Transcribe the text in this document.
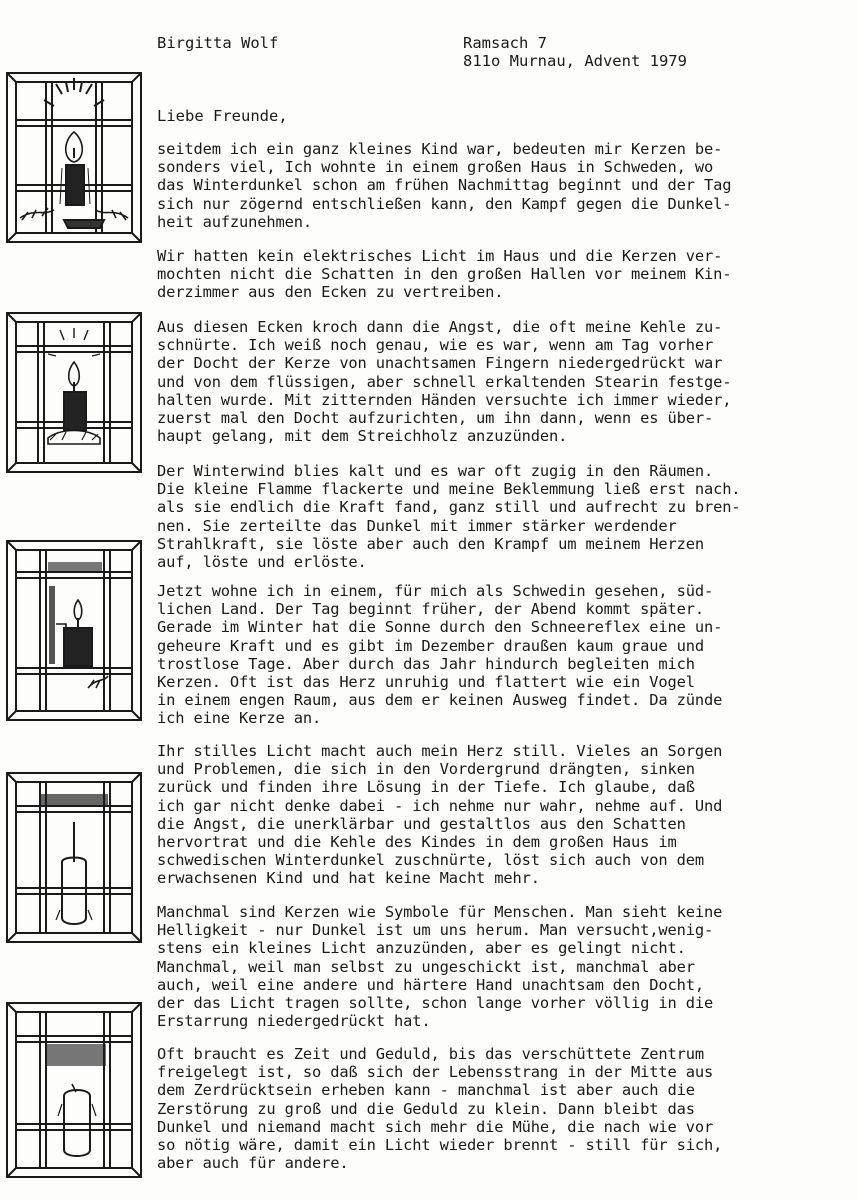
Birgitta Wolf	Ramsach 7
811o Murnau, Advent 1979
Liebe Freunde,

seitdem ich ein ganz kleines Kind war, bedeuten mir Kerzen be-
sonders viel, Ich wohnte in einem großen Haus in Schweden, wo
das Winterdunkel schon am frühen Nachmittag beginnt und der Tag
sich nur zögernd entschließen kann, den Kampf gegen die Dunkel-
heit aufzunehmen.

Wir hatten kein elektrisches Licht im Haus und die Kerzen ver-
mochten nicht die Schatten in den großen Hallen vor meinem Kin-
derzimmer aus den Ecken zu vertreiben.

Aus diesen Ecken kroch dann die Angst, die oft meine Kehle zu-
schnürte. Ich weiß noch genau, wie es war, wenn am Tag vorher
der Docht der Kerze von unachtsamen Fingern niedergedrückt war
und von dem flüssigen, aber schnell erkaltenden Stearin festge-
halten wurde. Mit zitternden Händen versuchte ich immer wieder,
zuerst mal den Docht aufzurichten, um ihn dann, wenn es über-
haupt gelang, mit dem Streichholz anzuzünden.

Der Winterwind blies kalt und es war oft zugig in den Räumen.
Die kleine Flamme flackerte und meine Beklemmung ließ erst nach.
als sie endlich die Kraft fand, ganz still und aufrecht zu bren-
nen. Sie zerteilte das Dunkel mit immer stärker werdender
Strahlkraft, sie löste aber auch den Krampf um meinem Herzen
auf, löste und erlöste.

Jetzt wohne ich in einem, für mich als Schwedin gesehen, süd-
lichen Land. Der Tag beginnt früher, der Abend kommt später.
Gerade im Winter hat die Sonne durch den Schneereflex eine un-
geheure Kraft und es gibt im Dezember draußen kaum graue und
trostlose Tage. Aber durch das Jahr hindurch begleiten mich
Kerzen. Oft ist das Herz unruhig und flattert wie ein Vogel
in einem engen Raum, aus dem er keinen Ausweg findet. Da zünde
ich eine Kerze an.

Ihr stilles Licht macht auch mein Herz still. Vieles an Sorgen
und Problemen, die sich in den Vordergrund drängten, sinken
zurück und finden ihre Lösung in der Tiefe. Ich glaube, daß
ich gar nicht denke dabei - ich nehme nur wahr, nehme auf. Und
die Angst, die unerklärbar und gestaltlos aus den Schatten
hervortrat und die Kehle des Kindes in dem großen Haus im
schwedischen Winterdunkel zuschnürte, löst sich auch von dem
erwachsenen Kind und hat keine Macht mehr.

Manchmal sind Kerzen wie Symbole für Menschen. Man sieht keine
Helligkeit - nur Dunkel ist um uns herum. Man versucht,wenig-
stens ein kleines Licht anzuzünden, aber es gelingt nicht.
Manchmal, weil man selbst zu ungeschickt ist, manchmal aber
auch, weil eine andere und härtere Hand unachtsam den Docht,
der das Licht tragen sollte, schon lange vorher völlig in die
Erstarrung niedergedrückt hat.

Oft braucht es Zeit und Geduld, bis das verschüttete Zentrum
freigelegt ist, so daß sich der Lebensstrang in der Mitte aus
dem Zerdrücktsein erheben kann - manchmal ist aber auch die
Zerstörung zu groß und die Geduld zu klein. Dann bleibt das
Dunkel und niemand macht sich mehr die Mühe, die nach wie vor
so nötig wäre, damit ein Licht wieder brennt - still für sich,
aber auch für andere.
